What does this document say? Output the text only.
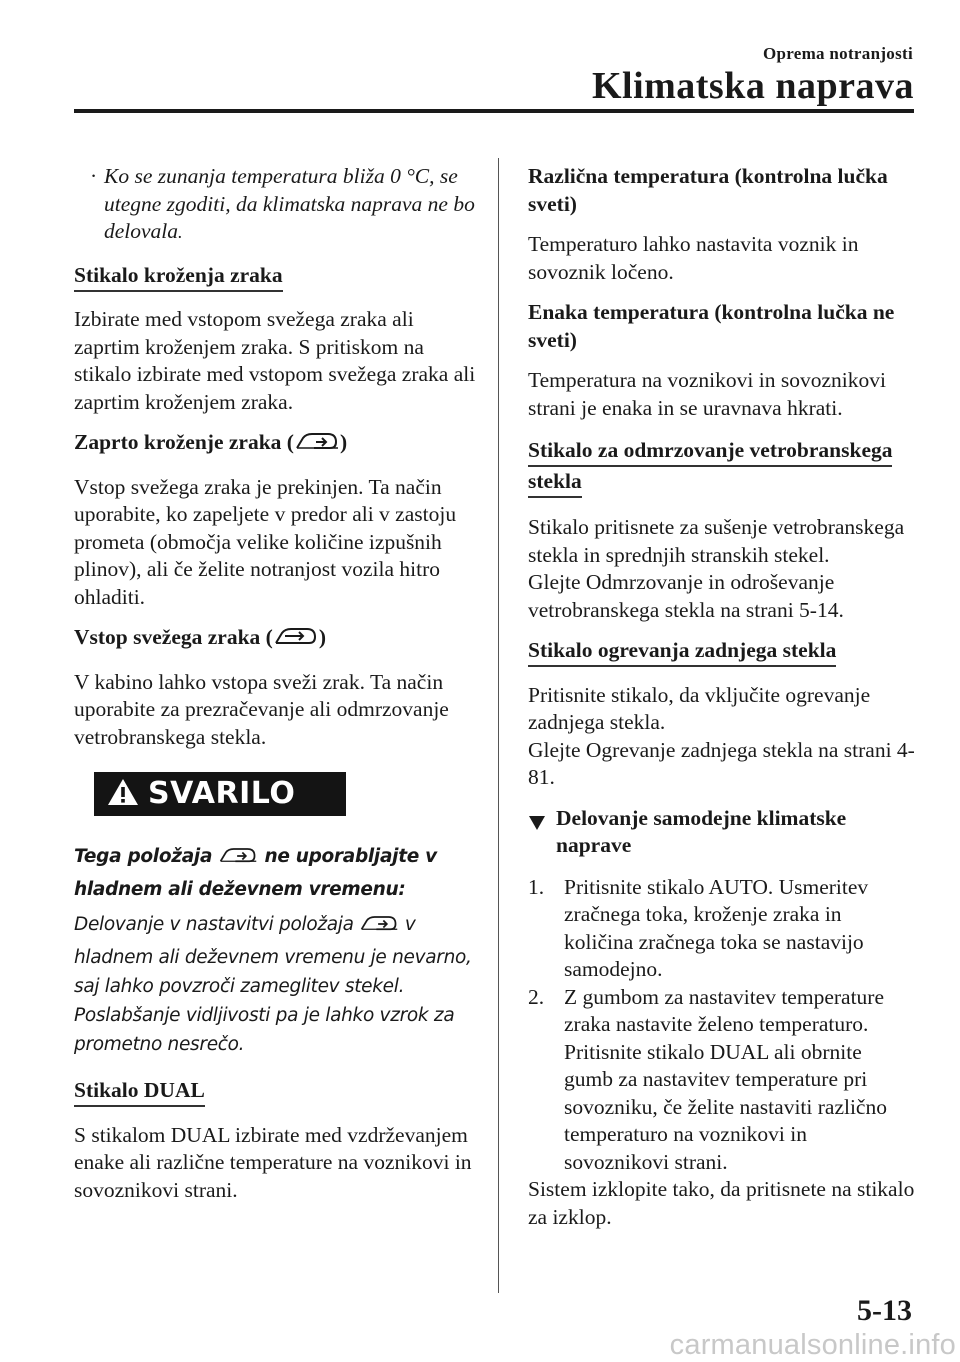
Oprema notranjosti
Klimatska naprava
· Ko se zunanja temperatura bliža 0 °C, se utegne zgoditi, da klimatska naprava ne bo delovala.
Stikalo kroženja zraka

Izbirate med vstopom svežega zraka ali zaprtim kroženjem zraka. S pritiskom na stikalo izbirate med vstopom svežega zraka ali zaprtim kroženjem zraka.

Zaprto kroženje zraka ( )

Vstop svežega zraka je prekinjen. Ta način uporabite, ko zapeljete v predor ali v zastoju prometa (območja velike količine izpušnih plinov), ali če želite notranjost vozila hitro ohladiti.

Vstop svežega zraka ( )

V kabino lahko vstopa sveži zrak. Ta način uporabite za prezračevanje ali odmrzovanje vetrobranskega stekla.

SVARILO

Tega položaja	ne uporabljajte v hladnem ali deževnem vremenu:

Delovanje v nastavitvi položaja	v hladnem ali deževnem vremenu je nevarno, saj lahko povzroči zameglitev stekel. Poslabšanje vidljivosti pa je lahko vzrok za prometno nesrečo.

Stikalo DUAL

S stikalom DUAL izbirate med vzdrževanjem enake ali različne temperature na voznikovi in sovoznikovi strani.

Različna temperatura (kontrolna lučka sveti)

Temperaturo lahko nastavita voznik in sovoznik ločeno.

Enaka temperatura (kontrolna lučka ne sveti)

Temperatura na voznikovi in sovoznikovi strani je enaka in se uravnava hkrati.

Stikalo za odmrzovanje vetrobranskega stekla

Stikalo pritisnete za sušenje vetrobranskega stekla in sprednjih stranskih stekel.
Glejte Odmrzovanje in odroševanje vetrobranskega stekla na strani 5-14.

Stikalo ogrevanja zadnjega stekla

Pritisnite stikalo, da vključite ogrevanje zadnjega stekla.
Glejte Ogrevanje zadnjega stekla na strani 4-81.

Delovanje samodejne klimatske naprave
1. Pritisnite stikalo AUTO. Usmeritev zračnega toka, kroženje zraka in količina zračnega toka se nastavijo samodejno.
2. Z gumbom za nastavitev temperature zraka nastavite želeno temperaturo. Pritisnite stikalo DUAL ali obrnite gumb za nastavitev temperature pri sovozniku, če želite nastaviti različno temperaturo na voznikovi in sovoznikovi strani.

Sistem izklopite tako, da pritisnete na stikalo za izklop.

5-13
carmanualsonline.info
